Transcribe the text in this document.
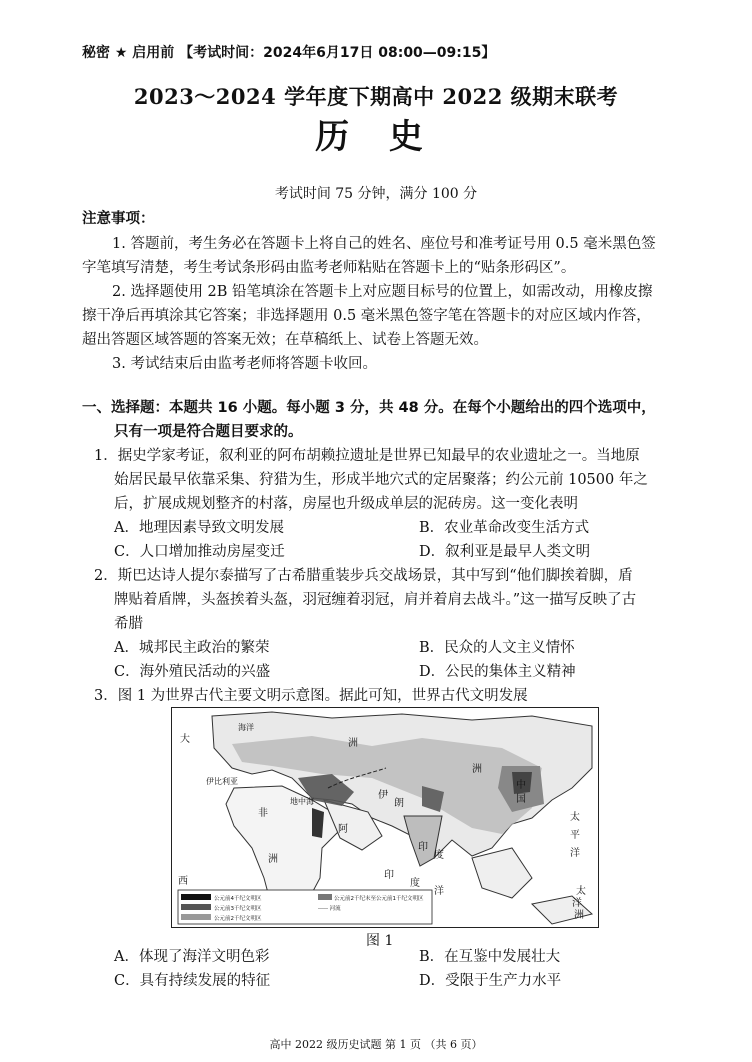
秘密 ★ 启用前 【考试时间：2024年6月17日 08:00—09:15】
2023～2024 学年度下期高中 2022 级期末联考
历 史
考试时间 75 分钟，满分 100 分
注意事项：
1. 答题前，考生务必在答题卡上将自己的姓名、座位号和准考证号用 0.5 毫米黑色签
字笔填写清楚，考生考试条形码由监考老师粘贴在答题卡上的“贴条形码区”。
2. 选择题使用 2B 铅笔填涂在答题卡上对应题目标号的位置上，如需改动，用橡皮擦
擦干净后再填涂其它答案；非选择题用 0.5 毫米黑色签字笔在答题卡的对应区域内作答，
超出答题区域答题的答案无效；在草稿纸上、试卷上答题无效。
3. 考试结束后由监考老师将答题卡收回。
一、选择题：本题共 16 小题。每小题 3 分，共 48 分。在每个小题给出的四个选项中，
只有一项是符合题目要求的。
1．据史学家考证，叙利亚的阿布胡赖拉遗址是世界已知最早的农业遗址之一。当地原
始居民最早依靠采集、狩猎为生，形成半地穴式的定居聚落；约公元前 10500 年之
后，扩展成规划整齐的村落，房屋也升级成单层的泥砖房。这一变化表明
A．地理因素导致文明发展	B．农业革命改变生活方式
C．人口增加推动房屋变迁	D．叙利亚是最早人类文明
2．斯巴达诗人提尔泰描写了古希腊重装步兵交战场景，其中写到“他们脚挨着脚，盾
牌贴着盾牌，头盔挨着头盔，羽冠缠着羽冠，肩并着肩去战斗。”这一描写反映了古
希腊
A．城邦民主政治的繁荣	B．民众的人文主义情怀
C．海外殖民活动的兴盛	D．公民的集体主义精神
3．图 1 为世界古代主要文明示意图。据此可知，世界古代文明发展
大	洲
伊比利亚
海洋
地中海
非
洲
阿
伊
朗
印
度
洲
中
国
太
平
洋
印
度
洋
西
太
洋
洲
公元前4千纪文明区	公元前2千纪末至公元前1千纪文明区
公元前3千纪文明区	----- 河流
公元前2千纪文明区
图 1
A．体现了海洋文明色彩	B．在互鉴中发展壮大
C．具有持续发展的特征	D．受限于生产力水平
高中 2022 级历史试题 第 1 页 （共 6 页）
